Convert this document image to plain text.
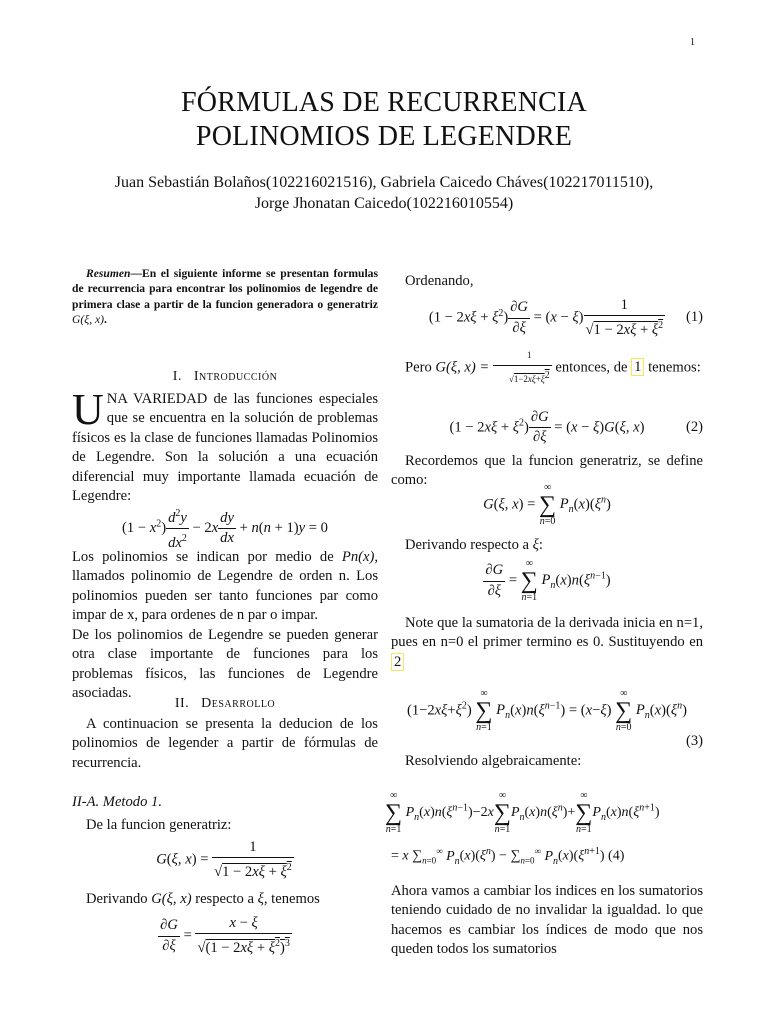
1
FÓRMULAS DE RECURRENCIA
POLINOMIOS DE LEGENDRE
Juan Sebastián Bolaños(102216021516), Gabriela Caicedo Cháves(102217011510),
Jorge Jhonatan Caicedo(102216010554)
Resumen—En el siguiente informe se presentan formulas de recurrencia para encontrar los polinomios de legendre de primera clase a partir de la funcion generadora o generatriz G(ξ, x).
I. Introducción
UNA VARIEDAD de las funciones especiales que se encuentra en la solución de problemas físicos es la clase de funciones llamadas Polinomios de Legendre. Son la solución a una ecuación diferencial muy importante llamada ecuación de Legendre:
$(1 - x^2) \frac{d^2y}{dx^2} - 2x \frac{dy}{dx} + n(n + 1)y = 0$
Los polinomios se indican por medio de Pn(x), llamados polinomio de Legendre de orden n. Los polinomios pueden ser tanto funciones par como impar de x, para ordenes de n par o impar.
De los polinomios de Legendre se pueden generar otra clase importante de funciones para los problemas físicos, las funciones de Legendre asociadas.
II. Desarrollo
A continuacion se presenta la deducion de los polinomios de legender a partir de fórmulas de recurrencia.
II-A. Metodo 1.
De la funcion generatriz:
G(ξ, $x) = \frac{1}{√1 - 2x\xi + \xi^2}$
Derivando G(ξ, x) respecto a ξ, tenemos
$\frac{\partial G}{\partial\xi} = \frac{x - \xi}{√(1 - 2x\xi + \xi^2)^3}$
Ordenando,
$(1 - 2x\xi + \xi^2) \frac{\partial G}{\partial\xi} = (x - \xi) \frac{1}{√1 - 2x\xi + \xi^2} (1)$
Pero G(ξ, $x) = \frac{1}{√1-2x\xi+\xi^2}$ entonces, de 1 tenemos:
$(1 - 2x\xi + \xi^2) \frac{\partial G}{\partial\xi} = (x - \xi)G(\xi$, x)	(2)
Recordemos que la funcion generatriz, se define como:
G(ξ, x) =
∞
∑
n=0
$P_n(x)(\xi^n)$
Derivando respecto a ξ:
$\frac{\partial G}{\partial\xi}$ =
∞
∑
n=1
$P_n(x)n(\xi^{n-1})$
Note que la sumatoria de la derivada inicia en n=1, pues en n=0 el primer termino es 0. Sustituyendo en 2
$(1-2x\xi+\xi^2)$
∞
∑
n=1
$P_n(x)n(\xi^{n-1}) = (x-\xi)$
∞
∑
n=0
$P_n(x)(\xi^n)$
(3)
Resolviendo algebraicamente:
∞
∑
n=1
$P_n(x)n(\xi^{n-1})-2x$
∞
∑
n=1
$P_n(x)n(\xi^n)+$
∞
∑
n=1
$P_n(x)n(\xi^{n+1})$
= x $\sum_{n=0}^\infty$ $P_n(x)(\xi^n) - \sum_{n=0}^\infty$ $P_n(x)(\xi^{n+1})$ (4)
Ahora vamos a cambiar los indices en los sumatorios teniendo cuidado de no invalidar la igualdad. lo que hacemos es cambiar los índices de modo que nos queden todos los sumatorios
